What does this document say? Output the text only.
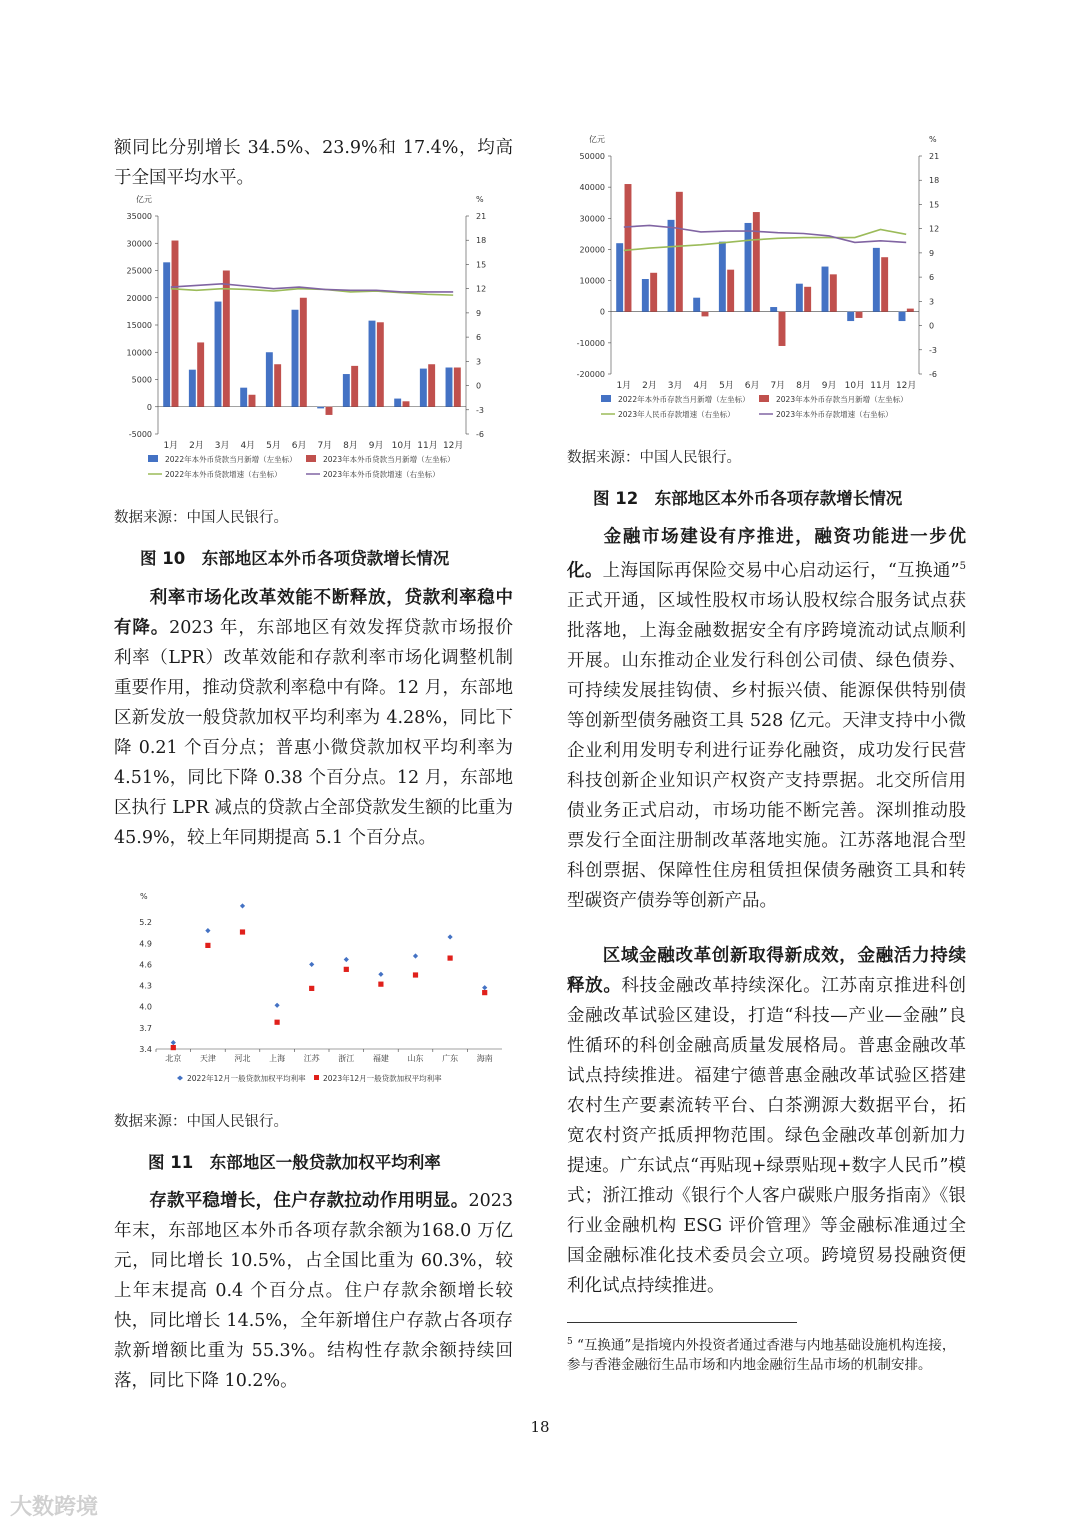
额同比分别增长 34.5%、23.9%和 17.4%，均高于全国平均水平。

亿元	%
35000
30000
25000
20000
15000
10000
5000
0
-5000
21
18
15
12
9
6
3
0
-3
-6
1月 2月 3月 4月 5月 6月 7月 8月 9月 10月 11月 12月
2022年本外币贷款当月新增（左坐标）	2023年本外币贷款当月新增（左坐标）
2022年本外币贷款增速（右坐标）	2023年本外币贷款增速（右坐标）
数据来源：中国人民银行。
图 10　东部地区本外币各项贷款增长情况

利率市场化改革效能不断释放，贷款利率稳中有降。2023 年，东部地区有效发挥贷款市场报价利率（LPR）改革效能和存款利率市场化调整机制重要作用，推动贷款利率稳中有降。12 月，东部地区新发放一般贷款加权平均利率为 4.28%，同比下降 0.21 个百分点；普惠小微贷款加权平均利率为 4.51%，同比下降 0.38 个百分点。12 月，东部地区执行 LPR 减点的贷款占全部贷款发生额的比重为 45.9%，较上年同期提高 5.1 个百分点。

%
5.2
4.9
4.6
4.3
4.0
3.7
3.4
北京 天津 河北 上海 江苏 浙江 福建 山东 广东 海南
2022年12月一般贷款加权平均利率 2023年12月一般贷款加权平均利率
数据来源：中国人民银行。
图 11　东部地区一般贷款加权平均利率

存款平稳增长，住户存款拉动作用明显。2023 年末，东部地区本外币各项存款余额为168.0 万亿元，同比增长 10.5%，占全国比重为 60.3%，较上年末提高 0.4 个百分点。住户存款余额增长较快，同比增长 14.5%，全年新增住户存款占各项存款新增额比重为 55.3%。结构性存款余额持续回落，同比下降 10.2%。

亿元	%
50000
40000
30000
20000
10000
0
-10000
-20000
21
18
15
12
9
6
3
0
-3
-6
1月 2月 3月 4月 5月 6月 7月 8月 9月 10月 11月 12月
2022年本外币存款当月新增（左坐标）	2023年本外币存款当月新增（左坐标）
2023年人民币存款增速（右坐标）	2023年本外币存款增速（右坐标）
数据来源：中国人民银行。
图 12　东部地区本外币各项存款增长情况

金融市场建设有序推进，融资功能进一步优化。上海国际再保险交易中心启动运行，“互换通”$^5$正式开通，区域性股权市场认股权综合服务试点获批落地，上海金融数据安全有序跨境流动试点顺利开展。山东推动企业发行科创公司债、绿色债券、可持续发展挂钩债、乡村振兴债、能源保供特别债等创新型债务融资工具 528 亿元。天津支持中小微企业利用发明专利进行证券化融资，成功发行民营科技创新企业知识产权资产支持票据。北交所信用债业务正式启动，市场功能不断完善。深圳推动股票发行全面注册制改革落地实施。江苏落地混合型科创票据、保障性住房租赁担保债务融资工具和转型碳资产债券等创新产品。

区域金融改革创新取得新成效，金融活力持续释放。科技金融改革持续深化。江苏南京推进科创金融改革试验区建设，打造“科技—产业—金融”良性循环的科创金融高质量发展格局。普惠金融改革试点持续推进。福建宁德普惠金融改革试验区搭建农村生产要素流转平台、白茶溯源大数据平台，拓宽农村资产抵质押物范围。绿色金融改革创新加力提速。广东试点“再贴现+绿票贴现+数字人民币”模式；浙江推动《银行个人客户碳账户服务指南》《银行业金融机构 ESG 评价管理》等金融标准通过全国金融标准化技术委员会立项。跨境贸易投融资便利化试点持续推进。

$^5$ “互换通”是指境内外投资者通过香港与内地基础设施机构连接，参与香港金融衍生品市场和内地金融衍生品市场的机制安排。
18
大数跨境
